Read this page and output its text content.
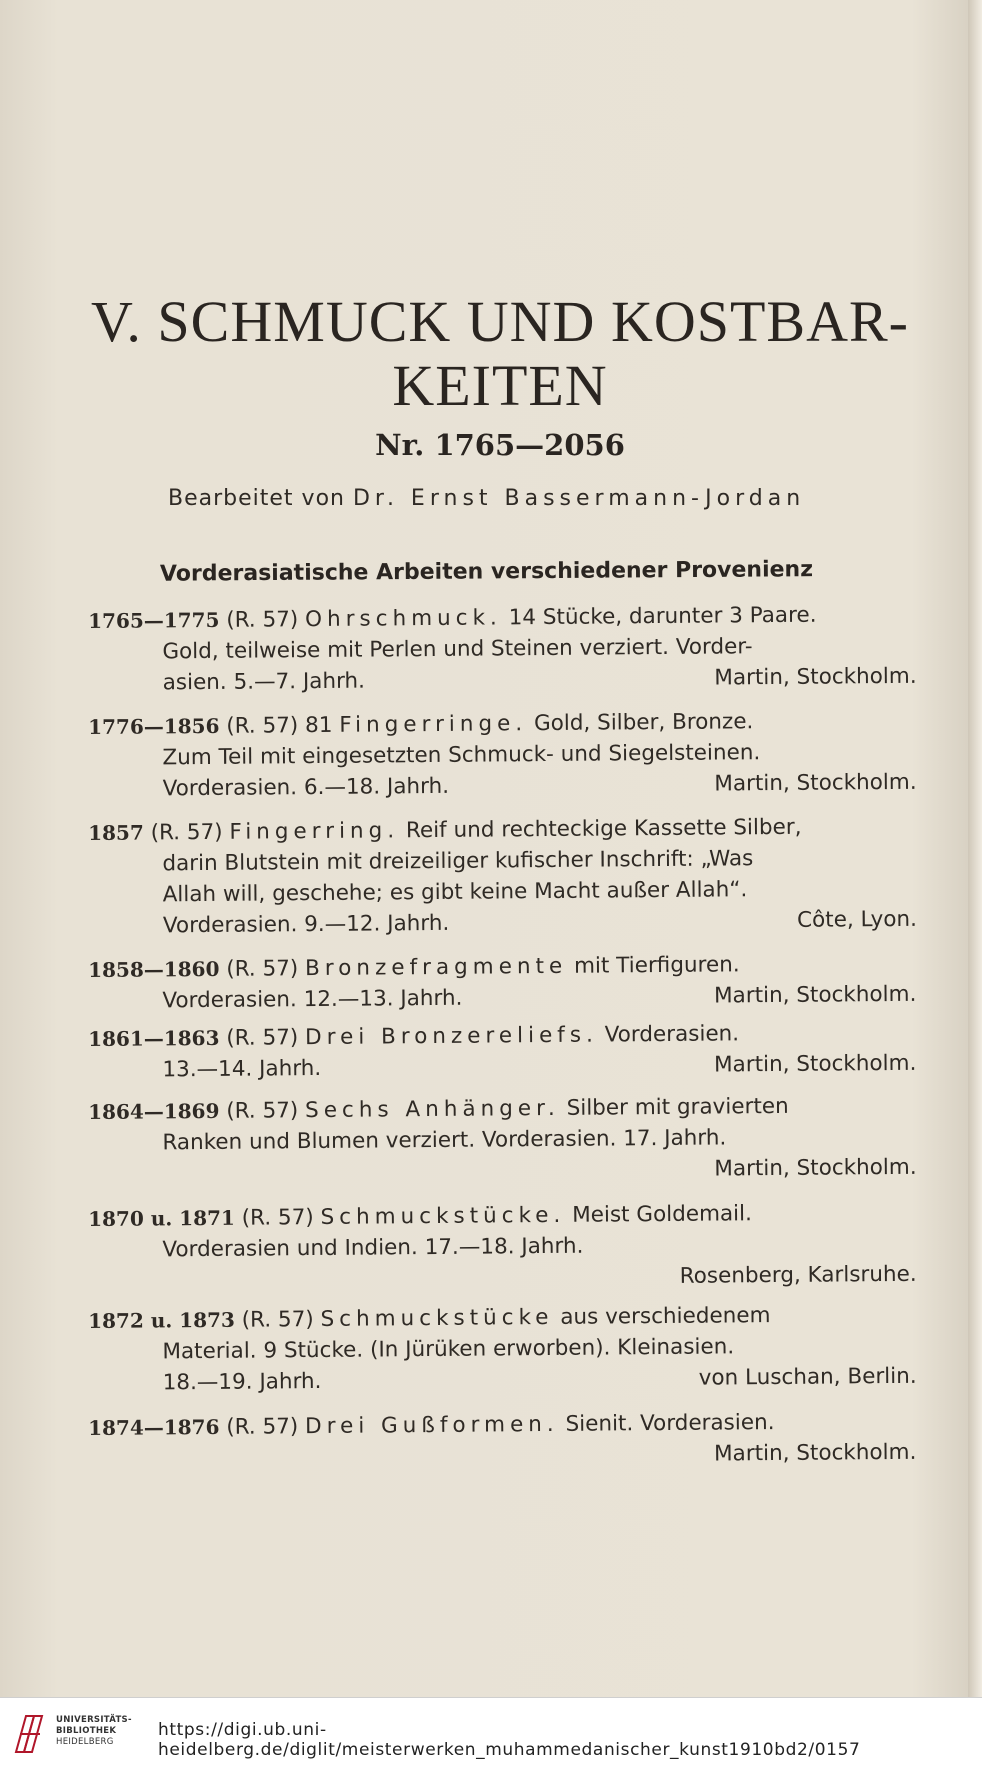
V. SCHMUCK UND KOSTBAR-
KEITEN
Nr. 1765—2056
Bearbeitet von Dr. Ernst Bassermann-Jordan
Vorderasiatische Arbeiten verschiedener Provenienz
1765—1775 (R. 57) Ohrschmuck. 14 Stücke, darunter 3 Paare.
Gold, teilweise mit Perlen und Steinen verziert. Vorder-
asien. 5.—7. Jahrh.	Martin, Stockholm.
1776—1856 (R. 57) 81 Fingerringe. Gold, Silber, Bronze.
Zum Teil mit eingesetzten Schmuck- und Siegelsteinen.
Vorderasien. 6.—18. Jahrh.	Martin, Stockholm.
1857 (R. 57) Fingerring. Reif und rechteckige Kassette Silber,
darin Blutstein mit dreizeiliger kufischer Inschrift: „Was
Allah will, geschehe; es gibt keine Macht außer Allah“.
Vorderasien. 9.—12. Jahrh.	Côte, Lyon.
1858—1860 (R. 57) Bronzefragmente mit Tierfiguren.
Vorderasien. 12.—13. Jahrh.	Martin, Stockholm.
1861—1863 (R. 57) Drei Bronzereliefs. Vorderasien.
13.—14. Jahrh.	Martin, Stockholm.
1864—1869 (R. 57) Sechs Anhänger. Silber mit gravierten
Ranken und Blumen verziert. Vorderasien. 17. Jahrh.
Martin, Stockholm.
1870 u. 1871 (R. 57) Schmuckstücke. Meist Goldemail.
Vorderasien und Indien. 17.—18. Jahrh.
Rosenberg, Karlsruhe.
1872 u. 1873 (R. 57) Schmuckstücke aus verschiedenem
Material. 9 Stücke. (In Jürüken erworben). Kleinasien.
18.—19. Jahrh.	von Luschan, Berlin.
1874—1876 (R. 57) Drei Gußformen. Sienit. Vorderasien.
Martin, Stockholm.
UNIVERSITÄTS-
BIBLIOTHEK
HEIDELBERG
https://digi.ub.uni-heidelberg.de/diglit/meisterwerken_muhammedanischer_kunst1910bd2/0157
